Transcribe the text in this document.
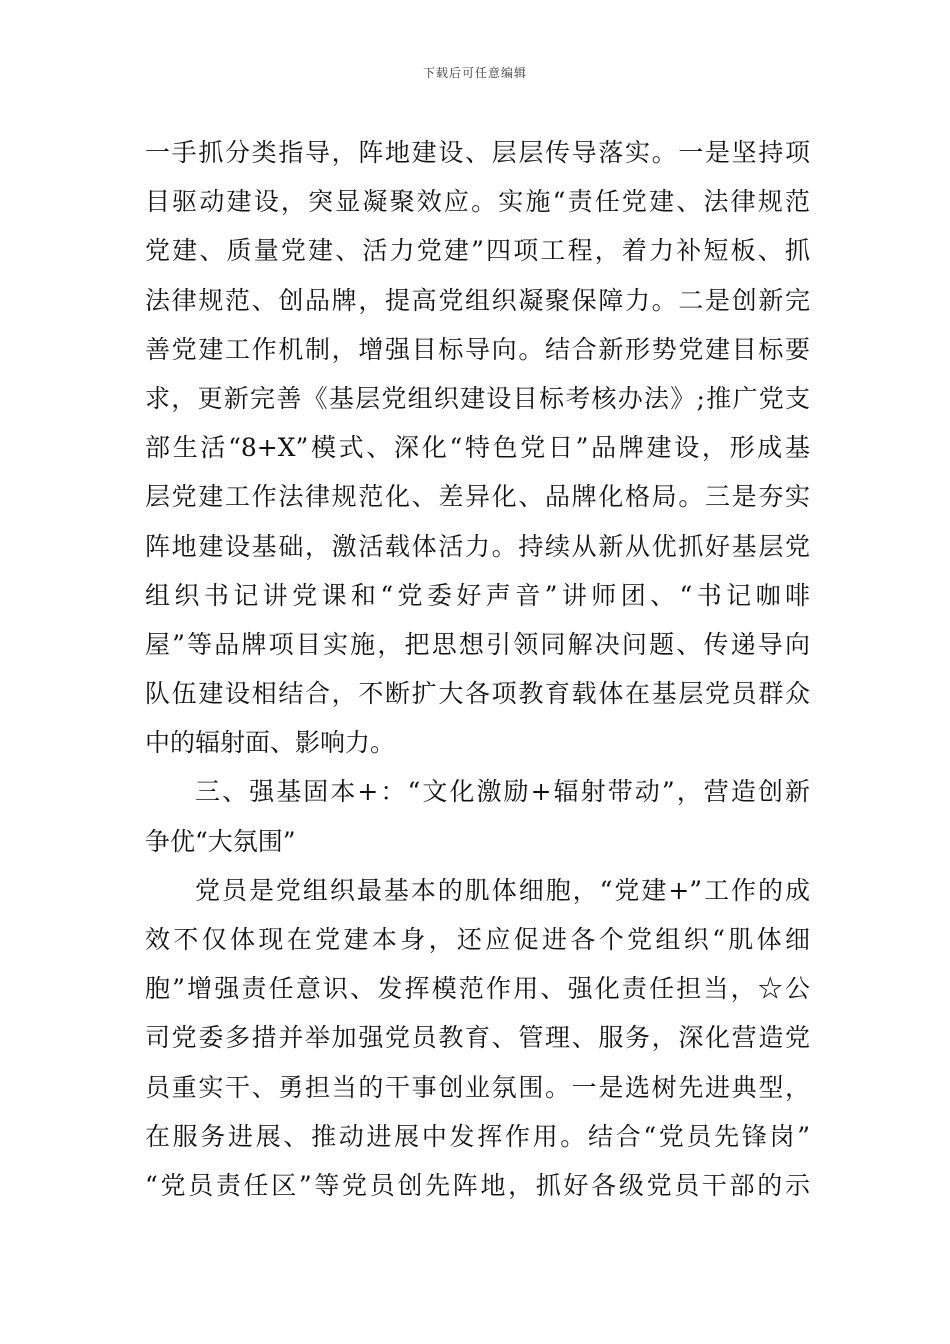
下载后可任意编辑
一手抓分类指导，阵地建设、层层传导落实。一是坚持项
目驱动建设，突显凝聚效应。实施“责任党建、法律规范
党建、质量党建、活力党建”四项工程，着力补短板、抓
法律规范、创品牌，提高党组织凝聚保障力。二是创新完
善党建工作机制，增强目标导向。结合新形势党建目标要
求，更新完善《基层党组织建设目标考核办法》;推广党支
部生活“8+X”模式、深化“特色党日”品牌建设，形成基
层党建工作法律规范化、差异化、品牌化格局。三是夯实
阵地建设基础，激活载体活力。持续从新从优抓好基层党
组织书记讲党课和“党委好声音”讲师团、“书记咖啡
屋”等品牌项目实施，把思想引领同解决问题、传递导向
队伍建设相结合，不断扩大各项教育载体在基层党员群众
中的辐射面、影响力。
三、强基固本+：“文化激励+辐射带动”，营造创新
争优“大氛围”
党员是党组织最基本的肌体细胞，“党建+”工作的成
效不仅体现在党建本身，还应促进各个党组织“肌体细
胞”增强责任意识、发挥模范作用、强化责任担当，☆公
司党委多措并举加强党员教育、管理、服务，深化营造党
员重实干、勇担当的干事创业氛围。一是选树先进典型，
在服务进展、推动进展中发挥作用。结合“党员先锋岗”
“党员责任区”等党员创先阵地，抓好各级党员干部的示
